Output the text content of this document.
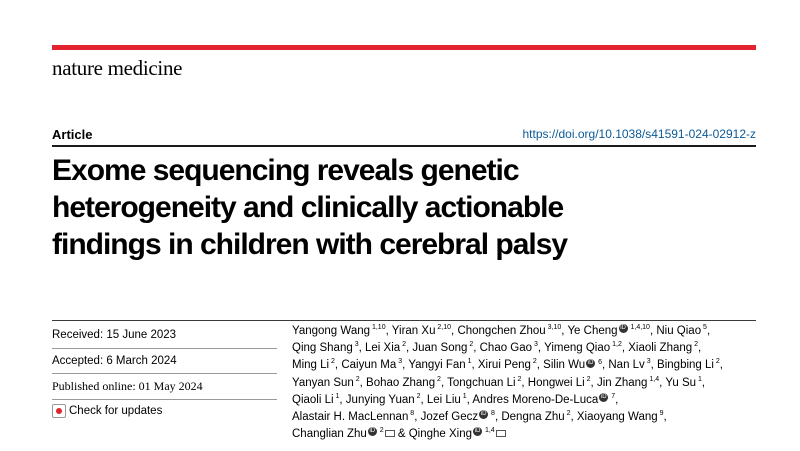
nature medicine
Article	https://doi.org/10.1038/s41591-024-02912-z
Exome sequencing reveals genetic
heterogeneity and clinically actionable
findings in children with cerebral palsy
Received: 15 June 2023
Accepted: 6 March 2024
Published online: 01 May 2024
Check for updates
Yangong Wang $^{1,10}$, Yiran Xu $^{2,10}$, Chongchen Zhou $^{3,10}$, Ye Cheng $^{iD 1,4,10}$, Niu Qiao $^5$,
Qing Shang $^3$, Lei Xia $^2$, Juan Song $^2$, Chao Gao $^3$, Yimeng Qiao $^{1,2}$, Xiaoli Zhang $^2$,
Ming Li $^2$, Caiyun Ma $^3$, Yangyi Fan $^1$, Xirui Peng $^2$, Silin Wu $^{iD 6}$, Nan Lv $^3$, Bingbing Li $^2$,
Yanyan Sun $^2$, Bohao Zhang $^2$, Tongchuan Li $^2$, Hongwei Li $^2$, Jin Zhang $^{1,4}$, Yu Su $^1$,
Qiaoli Li $^1$, Junying Yuan $^2$, Lei Liu $^1$, Andres Moreno-De-Luca $^{iD 7}$,
Alastair H. MacLennan $^8$, Jozef Gecz $^{iD 8}$, Dengna Zhu $^2$, Xiaoyang Wang $^9$,
Changlian Zhu $^{iD 2}$ & Qinghe Xing $^{iD 1,4}$
